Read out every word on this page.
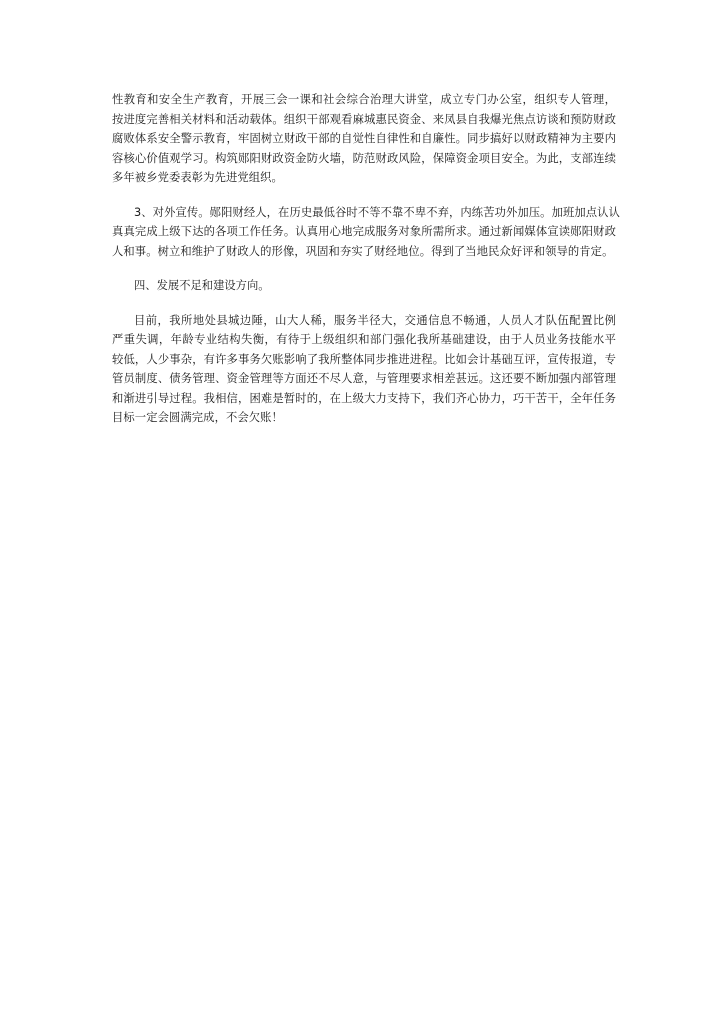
性教育和安全生产教育，开展三会一课和社会综合治理大讲堂，成立专门办公室，组织专人管理，
按进度完善相关材料和活动载体。组织干部观看麻城惠民资金、来凤县自我爆光焦点访谈和预防财政
腐败体系安全警示教育，牢固树立财政干部的自觉性自律性和自廉性。同步搞好以财政精神为主要内
容核心价值观学习。构筑郧阳财政资金防火墙，防范财政风险，保障资金项目安全。为此，支部连续
多年被乡党委表彰为先进党组织。
3、对外宣传。郧阳财经人，在历史最低谷时不等不靠不卑不弃，内练苦功外加压。加班加点认认
真真完成上级下达的各项工作任务。认真用心地完成服务对象所需所求。通过新闻媒体宣读郧阳财政
人和事。树立和维护了财政人的形像，巩固和夯实了财经地位。得到了当地民众好评和领导的肯定。
四、发展不足和建设方向。
目前，我所地处县城边陲，山大人稀，服务半径大，交通信息不畅通，人员人才队伍配置比例
严重失调，年龄专业结构失衡，有待于上级组织和部门强化我所基础建设，由于人员业务技能水平
较低，人少事杂，有许多事务欠账影响了我所整体同步推进进程。比如会计基础互评，宣传报道，专
管员制度、债务管理、资金管理等方面还不尽人意，与管理要求相差甚远。这还要不断加强内部管理
和渐进引导过程。我相信，困难是暂时的，在上级大力支持下，我们齐心协力，巧干苦干，全年任务
目标一定会圆满完成，不会欠账！
